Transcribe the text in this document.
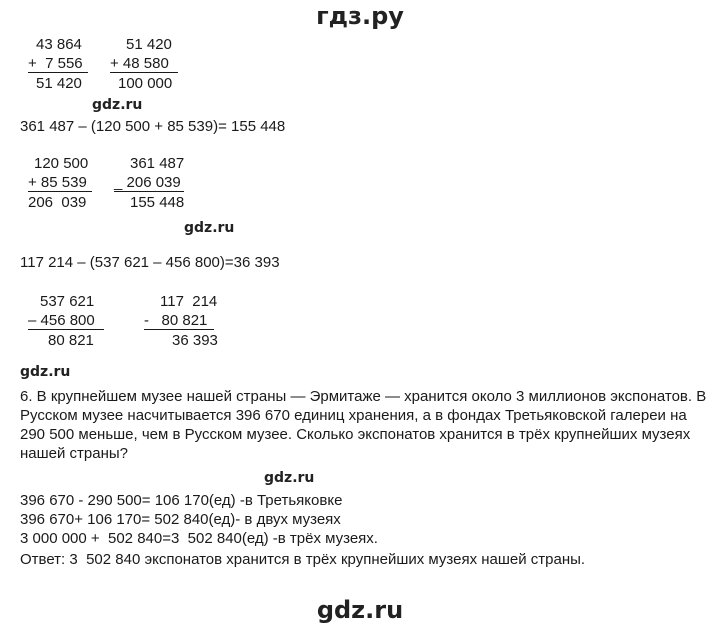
гдз.ру
43 864
+  7 556
51 420
51 420
+ 48 580
100 000
gdz.ru
361 487 – (120 500 + 85 539)= 155 448
120 500
+ 85 539
206  039
361 487
_ 206 039
155 448
gdz.ru
117 214 – (537 621 – 456 800)=36 393
537 621
– 456 800
80 821
117  214
-   80 821
36 393
gdz.ru
6. В крупнейшем музее нашей страны — Эрмитаже — хранится около 3 миллионов экспонатов. В Русском музее насчитывается 396 670 единиц хранения, а в фондах Третьяковской галереи на 290 500 меньше, чем в Русском музее. Сколько экспонатов хранится в трёх крупнейших музеях нашей страны?
gdz.ru
396 670 - 290 500= 106 170(ед) -в Третьяковке
396 670+ 106 170= 502 840(ед)- в двух музеях
3 000 000 +  502 840=3  502 840(ед) -в трёх музеях.
Ответ: 3  502 840 экспонатов хранится в трёх крупнейших музеях нашей страны.
gdz.ru
